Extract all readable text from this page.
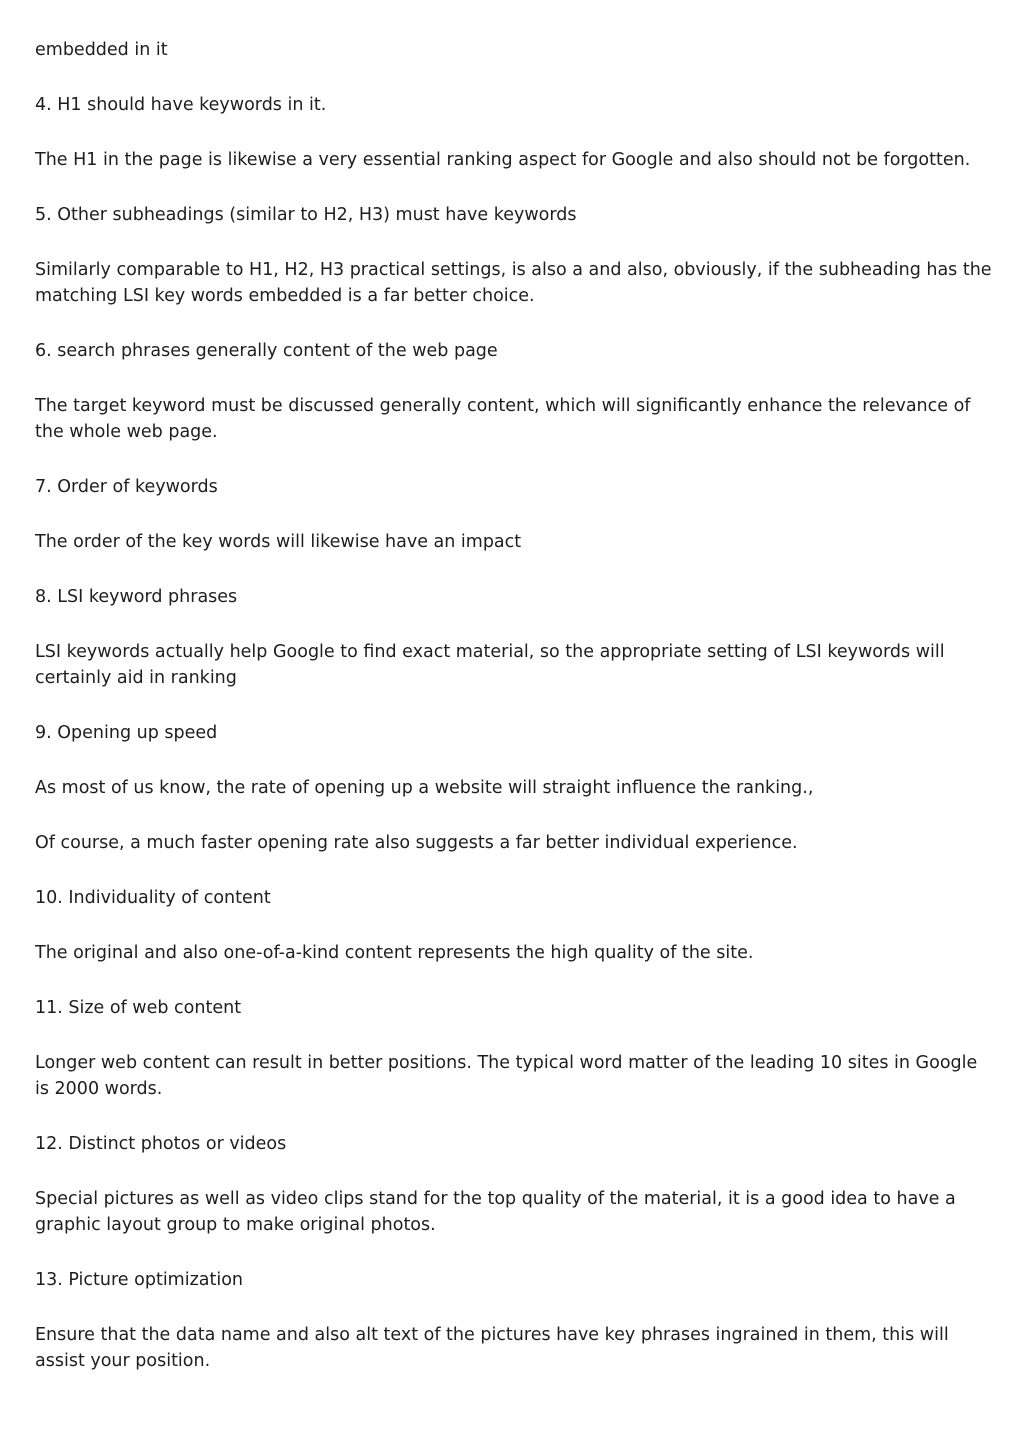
embedded in it

4. H1 should have keywords in it.

The H1 in the page is likewise a very essential ranking aspect for Google and also should not be forgotten.

5. Other subheadings (similar to H2, H3) must have keywords

Similarly comparable to H1, H2, H3 practical settings, is also a and also, obviously, if the subheading has the matching LSI key words embedded is a far better choice.

6. search phrases generally content of the web page

The target keyword must be discussed generally content, which will significantly enhance the relevance of the whole web page.

7. Order of keywords

The order of the key words will likewise have an impact

8. LSI keyword phrases

LSI keywords actually help Google to find exact material, so the appropriate setting of LSI keywords will certainly aid in ranking

9. Opening up speed

As most of us know, the rate of opening up a website will straight influence the ranking.,

Of course, a much faster opening rate also suggests a far better individual experience.

10. Individuality of content

The original and also one-of-a-kind content represents the high quality of the site.

11. Size of web content

Longer web content can result in better positions. The typical word matter of the leading 10 sites in Google is 2000 words.

12. Distinct photos or videos

Special pictures as well as video clips stand for the top quality of the material, it is a good idea to have a graphic layout group to make original photos.

13. Picture optimization

Ensure that the data name and also alt text of the pictures have key phrases ingrained in them, this will assist your position.
